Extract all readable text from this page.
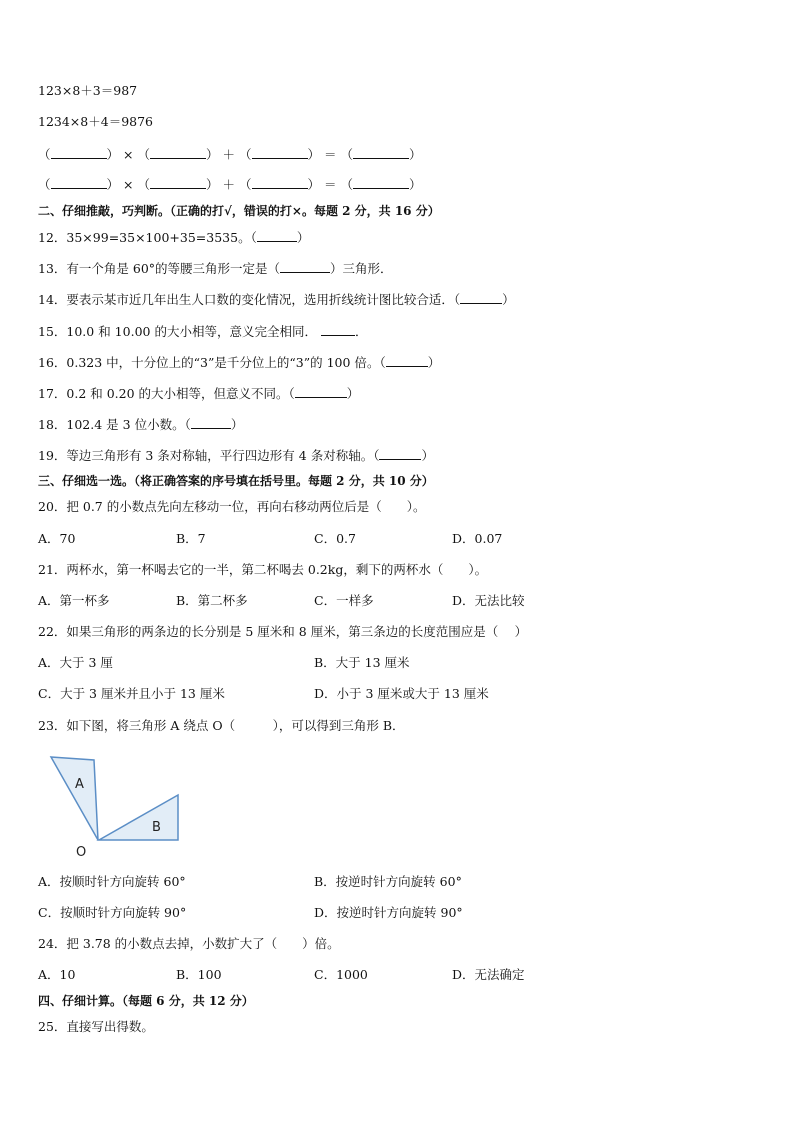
123×8＋3＝987
1234×8＋4＝9876
（	） × （	） ＋ （	） ＝ （	）
（	） × （	） ＋ （	） ＝ （	）
二、仔细推敲，巧判断。（正确的打√，错误的打×。每题 2 分，共 16 分）
12．35×99=35×100+35=3535。（	）
13．有一个角是 60°的等腰三角形一定是（	）三角形．
14．要表示某市近几年出生人口数的变化情况，选用折线统计图比较合适．（	）
15．10.0 和 10.00 的大小相等，意义完全相同．	．
16．0.323 中，十分位上的“3”是千分位上的“3”的 100 倍。（	）
17．0.2 和 0.20 的大小相等，但意义不同。（	）
18．102.4 是 3 位小数。（	）
19．等边三角形有 3 条对称轴，平行四边形有 4 条对称轴。（	）
三、仔细选一选。（将正确答案的序号填在括号里。每题 2 分，共 10 分）
20．把 0.7 的小数点先向左移动一位，再向右移动两位后是（　　）。
A．70	B．7	C．0.7	D．0.07
21．两杯水，第一杯喝去它的一半，第二杯喝去 0.2kg，剩下的两杯水（　　）。
A．第一杯多	B．第二杯多	C．一样多	D．无法比较
22．如果三角形的两条边的长分别是 5 厘米和 8 厘米，第三条边的长度范围应是（　 ）
A．大于 3 厘	B．大于 13 厘米
C．大于 3 厘米并且小于 13 厘米	D．小于 3 厘米或大于 13 厘米
23．如下图，将三角形 A 绕点 O（　　　），可以得到三角形 B．
A
B
O
A．按顺时针方向旋转 60°	B．按逆时针方向旋转 60°
C．按顺时针方向旋转 90°	D．按逆时针方向旋转 90°
24．把 3.78 的小数点去掉，小数扩大了（　　）倍。
A．10	B．100	C．1000	D．无法确定
四、仔细计算。（每题 6 分，共 12 分）
25．直接写出得数。
